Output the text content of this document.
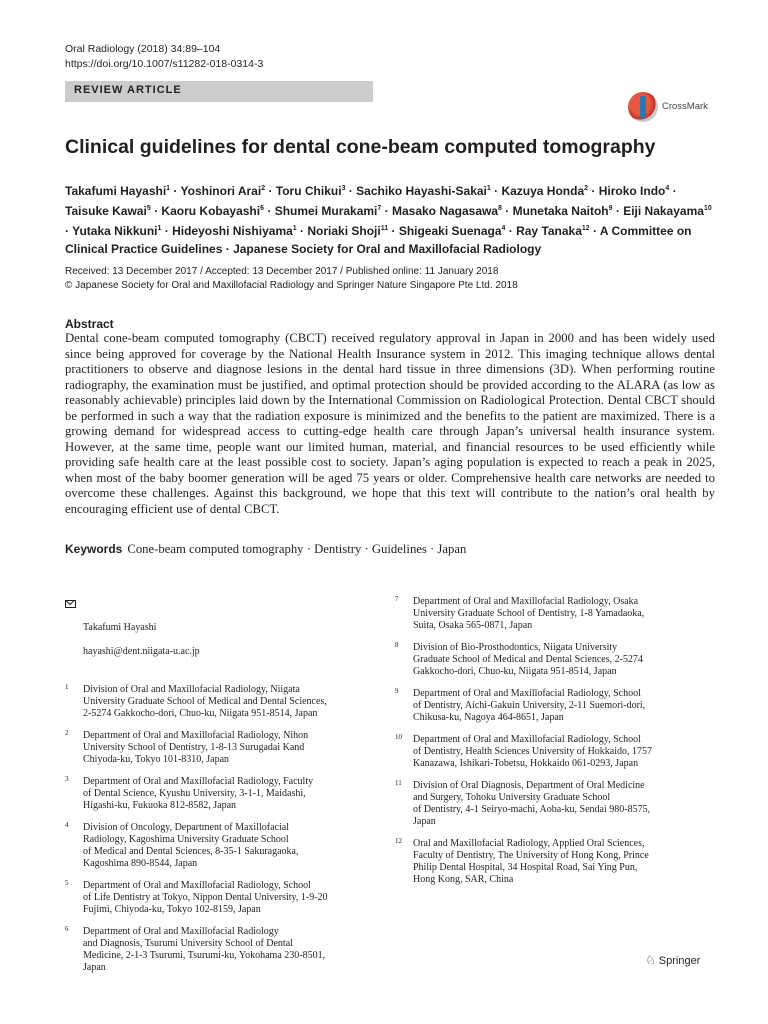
Oral Radiology (2018) 34:89–104
https://doi.org/10.1007/s11282-018-0314-3
REVIEW ARTICLE
CrossMark
Clinical guidelines for dental cone-beam computed tomography
Takafumi Hayashi$^1$ · Yoshinori Arai$^2$ · Toru Chikui$^3$ · Sachiko Hayashi-Sakai$^1$ · Kazuya Honda$^2$ · Hiroko Indo$^4$ · Taisuke Kawai$^5$ · Kaoru Kobayashi$^6$ · Shumei Murakami$^7$ · Masako Nagasawa$^8$ · Munetaka Naitoh$^9$ · Eiji Nakayama$^{10}$ · Yutaka Nikkuni$^1$ · Hideyoshi Nishiyama$^1$ · Noriaki Shoji$^{11}$ · Shigeaki Suenaga$^4$ · Ray Tanaka$^{12}$ · A Committee on Clinical Practice Guidelines · Japanese Society for Oral and Maxillofacial Radiology
Received: 13 December 2017 / Accepted: 13 December 2017 / Published online: 11 January 2018
© Japanese Society for Oral and Maxillofacial Radiology and Springer Nature Singapore Pte Ltd. 2018
Abstract
Dental cone-beam computed tomography (CBCT) received regulatory approval in Japan in 2000 and has been widely used since being approved for coverage by the National Health Insurance system in 2012. This imaging technique allows dental practitioners to observe and diagnose lesions in the dental hard tissue in three dimensions (3D). When performing routine radiography, the examination must be justified, and optimal protection should be provided according to the ALARA (as low as reasonably achievable) principles laid down by the International Commission on Radiological Protection. Dental CBCT should be performed in such a way that the radiation exposure is minimized and the benefits to the patient are maximized. There is a growing demand for widespread access to cutting-edge health care through Japan’s universal health insurance system. However, at the same time, people want our limited human, material, and financial resources to be used efficiently while providing safe health care at the least possible cost to society. Japan’s aging population is expected to reach a peak in 2025, when most of the baby boomer generation will be aged 75 years or older. Comprehensive health care networks are needed to overcome these challenges. Against this background, we hope that this text will contribute to the nation’s oral health by encouraging efficient use of dental CBCT.
Keywords Cone-beam computed tomography · Dentistry · Guidelines · Japan

Takafumi Hayashi

hayashi@dent.niigata-u.ac.jp

1 Division of Oral and Maxillofacial Radiology, Niigata
University Graduate School of Medical and Dental Sciences,
2-5274 Gakkocho-dori, Chuo-ku, Niigata 951-8514, Japan
2 Department of Oral and Maxillofacial Radiology, Nihon
University School of Dentistry, 1-8-13 Surugadai Kand
Chiyoda-ku, Tokyo 101-8310, Japan
3 Department of Oral and Maxillofacial Radiology, Faculty
of Dental Science, Kyushu University, 3-1-1, Maidashi,
Higashi-ku, Fukuoka 812-8582, Japan
4 Division of Oncology, Department of Maxillofacial
Radiology, Kagoshima University Graduate School
of Medical and Dental Sciences, 8-35-1 Sakuragaoka,
Kagoshima 890-8544, Japan
5 Department of Oral and Maxillofacial Radiology, School
of Life Dentistry at Tokyo, Nippon Dental University, 1-9-20
Fujimi, Chiyoda-ku, Tokyo 102-8159, Japan
6 Department of Oral and Maxillofacial Radiology
and Diagnosis, Tsurumi University School of Dental
Medicine, 2-1-3 Tsurumi, Tsurumi-ku, Yokohama 230-8501,
Japan
7 Department of Oral and Maxillofacial Radiology, Osaka
University Graduate School of Dentistry, 1-8 Yamadaoka,
Suita, Osaka 565-0871, Japan
8 Division of Bio-Prosthodontics, Niigata University
Graduate School of Medical and Dental Sciences, 2-5274
Gakkocho-dori, Chuo-ku, Niigata 951-8514, Japan
9 Department of Oral and Maxillofacial Radiology, School
of Dentistry, Aichi-Gakuin University, 2-11 Suemori-dori,
Chikusa-ku, Nagoya 464-8651, Japan
10 Department of Oral and Maxillofacial Radiology, School
of Dentistry, Health Sciences University of Hokkaido, 1757
Kanazawa, Ishikari-Tobetsu, Hokkaido 061-0293, Japan
11 Division of Oral Diagnosis, Department of Oral Medicine
and Surgery, Tohoku University Graduate School
of Dentistry, 4-1 Seiryo-machi, Aoba-ku, Sendai 980-8575,
Japan
12 Oral and Maxillofacial Radiology, Applied Oral Sciences,
Faculty of Dentistry, The University of Hong Kong, Prince
Philip Dental Hospital, 34 Hospital Road, Sai Ying Pun,
Hong Kong, SAR, China
♘ Springer
